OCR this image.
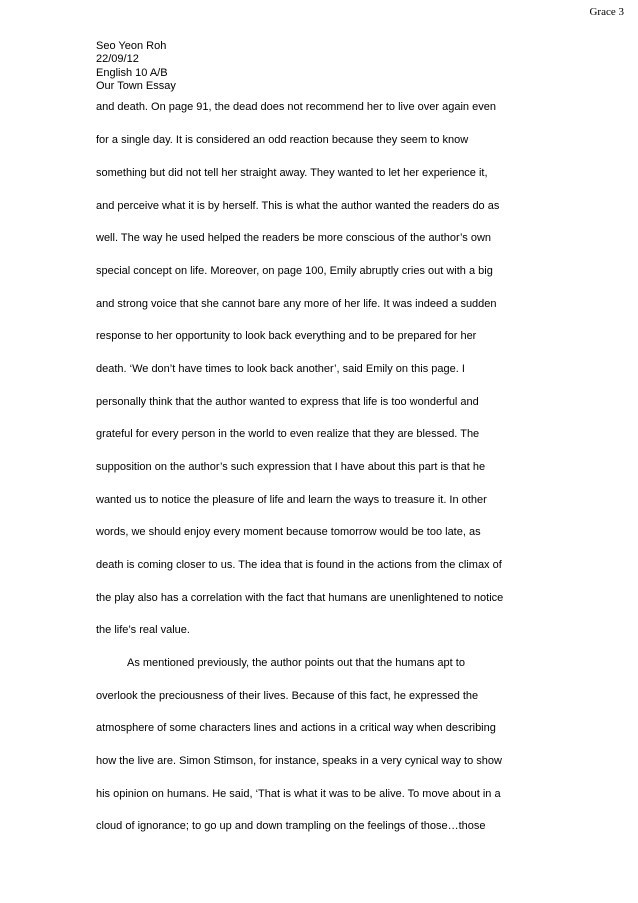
Grace 3
Seo Yeon Roh
22/09/12
English 10 A/B
Our Town Essay
and death. On page 91, the dead does not recommend her to live over again even
for a single day. It is considered an odd reaction because they seem to know
something but did not tell her straight away. They wanted to let her experience it,
and perceive what it is by herself. This is what the author wanted the readers do as
well. The way he used helped the readers be more conscious of the author’s own
special concept on life. Moreover, on page 100, Emily abruptly cries out with a big
and strong voice that she cannot bare any more of her life. It was indeed a sudden
response to her opportunity to look back everything and to be prepared for her
death. ‘We don’t have times to look back another’, said Emily on this page. I
personally think that the author wanted to express that life is too wonderful and
grateful for every person in the world to even realize that they are blessed. The
supposition on the author’s such expression that I have about this part is that he
wanted us to notice the pleasure of life and learn the ways to treasure it. In other
words, we should enjoy every moment because tomorrow would be too late, as
death is coming closer to us. The idea that is found in the actions from the climax of
the play also has a correlation with the fact that humans are unenlightened to notice
the life’s real value.
As mentioned previously, the author points out that the humans apt to
overlook the preciousness of their lives. Because of this fact, he expressed the
atmosphere of some characters lines and actions in a critical way when describing
how the live are. Simon Stimson, for instance, speaks in a very cynical way to show
his opinion on humans. He said, ‘That is what it was to be alive. To move about in a
cloud of ignorance; to go up and down trampling on the feelings of those…those
